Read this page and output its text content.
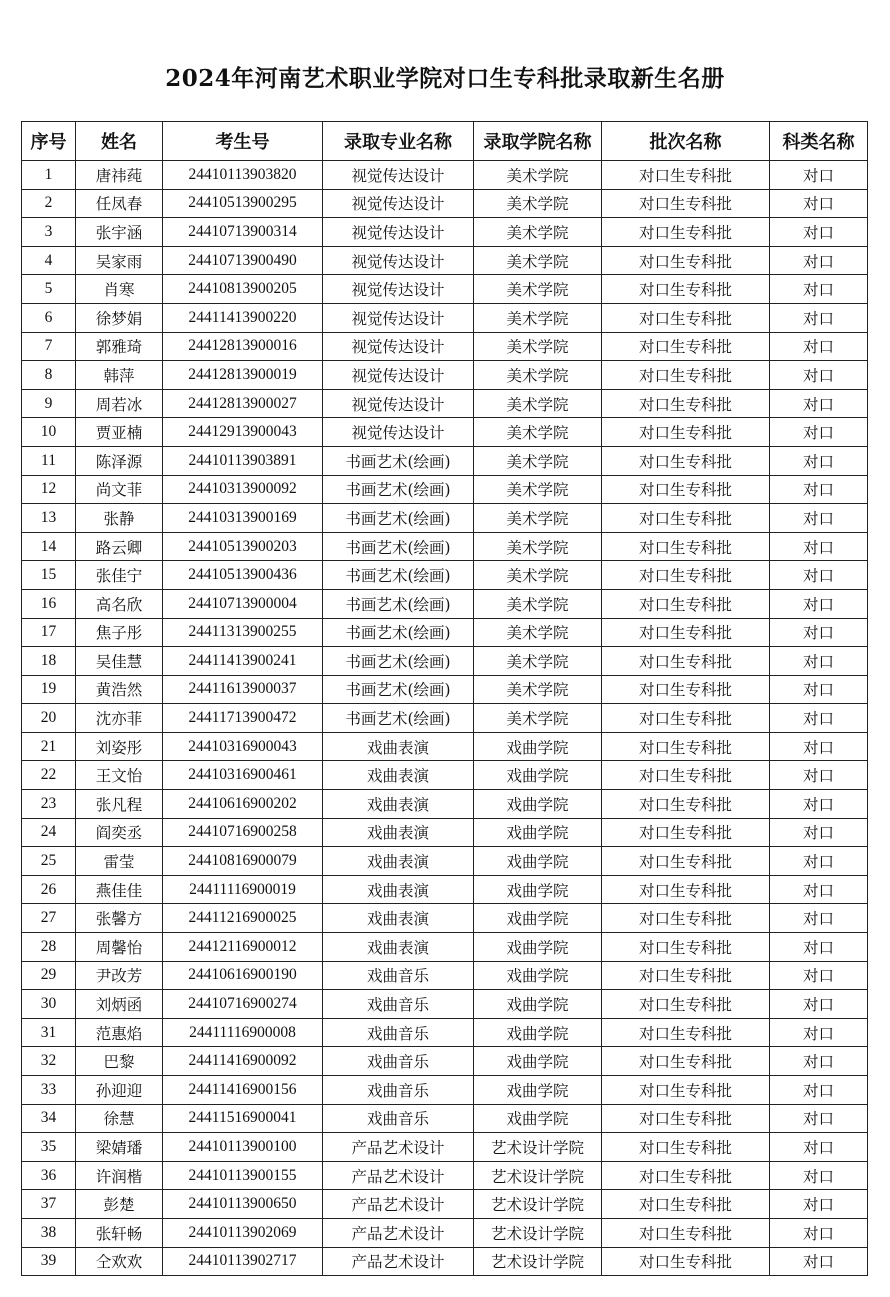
2024年河南艺术职业学院对口生专科批录取新生名册
序号	姓名	考生号	录取专业名称	录取学院名称	批次名称	科类名称
1	唐祎莼	24410113903820	视觉传达设计	美术学院	对口生专科批	对口
2	任凤春	24410513900295	视觉传达设计	美术学院	对口生专科批	对口
3	张宇涵	24410713900314	视觉传达设计	美术学院	对口生专科批	对口
4	吴家雨	24410713900490	视觉传达设计	美术学院	对口生专科批	对口
5	肖寒	24410813900205	视觉传达设计	美术学院	对口生专科批	对口
6	徐梦娟	24411413900220	视觉传达设计	美术学院	对口生专科批	对口
7	郭雅琦	24412813900016	视觉传达设计	美术学院	对口生专科批	对口
8	韩萍	24412813900019	视觉传达设计	美术学院	对口生专科批	对口
9	周若冰	24412813900027	视觉传达设计	美术学院	对口生专科批	对口
10	贾亚楠	24412913900043	视觉传达设计	美术学院	对口生专科批	对口
11	陈泽源	24410113903891	书画艺术(绘画)	美术学院	对口生专科批	对口
12	尚文菲	24410313900092	书画艺术(绘画)	美术学院	对口生专科批	对口
13	张静	24410313900169	书画艺术(绘画)	美术学院	对口生专科批	对口
14	路云卿	24410513900203	书画艺术(绘画)	美术学院	对口生专科批	对口
15	张佳宁	24410513900436	书画艺术(绘画)	美术学院	对口生专科批	对口
16	高名欣	24410713900004	书画艺术(绘画)	美术学院	对口生专科批	对口
17	焦子彤	24411313900255	书画艺术(绘画)	美术学院	对口生专科批	对口
18	吴佳慧	24411413900241	书画艺术(绘画)	美术学院	对口生专科批	对口
19	黄浩然	24411613900037	书画艺术(绘画)	美术学院	对口生专科批	对口
20	沈亦菲	24411713900472	书画艺术(绘画)	美术学院	对口生专科批	对口
21	刘姿彤	24410316900043	戏曲表演	戏曲学院	对口生专科批	对口
22	王文怡	24410316900461	戏曲表演	戏曲学院	对口生专科批	对口
23	张凡程	24410616900202	戏曲表演	戏曲学院	对口生专科批	对口
24	阎奕丞	24410716900258	戏曲表演	戏曲学院	对口生专科批	对口
25	雷莹	24410816900079	戏曲表演	戏曲学院	对口生专科批	对口
26	燕佳佳	24411116900019	戏曲表演	戏曲学院	对口生专科批	对口
27	张馨方	24411216900025	戏曲表演	戏曲学院	对口生专科批	对口
28	周馨怡	24412116900012	戏曲表演	戏曲学院	对口生专科批	对口
29	尹改芳	24410616900190	戏曲音乐	戏曲学院	对口生专科批	对口
30	刘炳函	24410716900274	戏曲音乐	戏曲学院	对口生专科批	对口
31	范惠焰	24411116900008	戏曲音乐	戏曲学院	对口生专科批	对口
32	巴黎	24411416900092	戏曲音乐	戏曲学院	对口生专科批	对口
33	孙迎迎	24411416900156	戏曲音乐	戏曲学院	对口生专科批	对口
34	徐慧	24411516900041	戏曲音乐	戏曲学院	对口生专科批	对口
35	梁婧璠	24410113900100	产品艺术设计	艺术设计学院	对口生专科批	对口
36	许润楷	24410113900155	产品艺术设计	艺术设计学院	对口生专科批	对口
37	彭楚	24410113900650	产品艺术设计	艺术设计学院	对口生专科批	对口
38	张轩畅	24410113902069	产品艺术设计	艺术设计学院	对口生专科批	对口
39	仝欢欢	24410113902717	产品艺术设计	艺术设计学院	对口生专科批	对口
